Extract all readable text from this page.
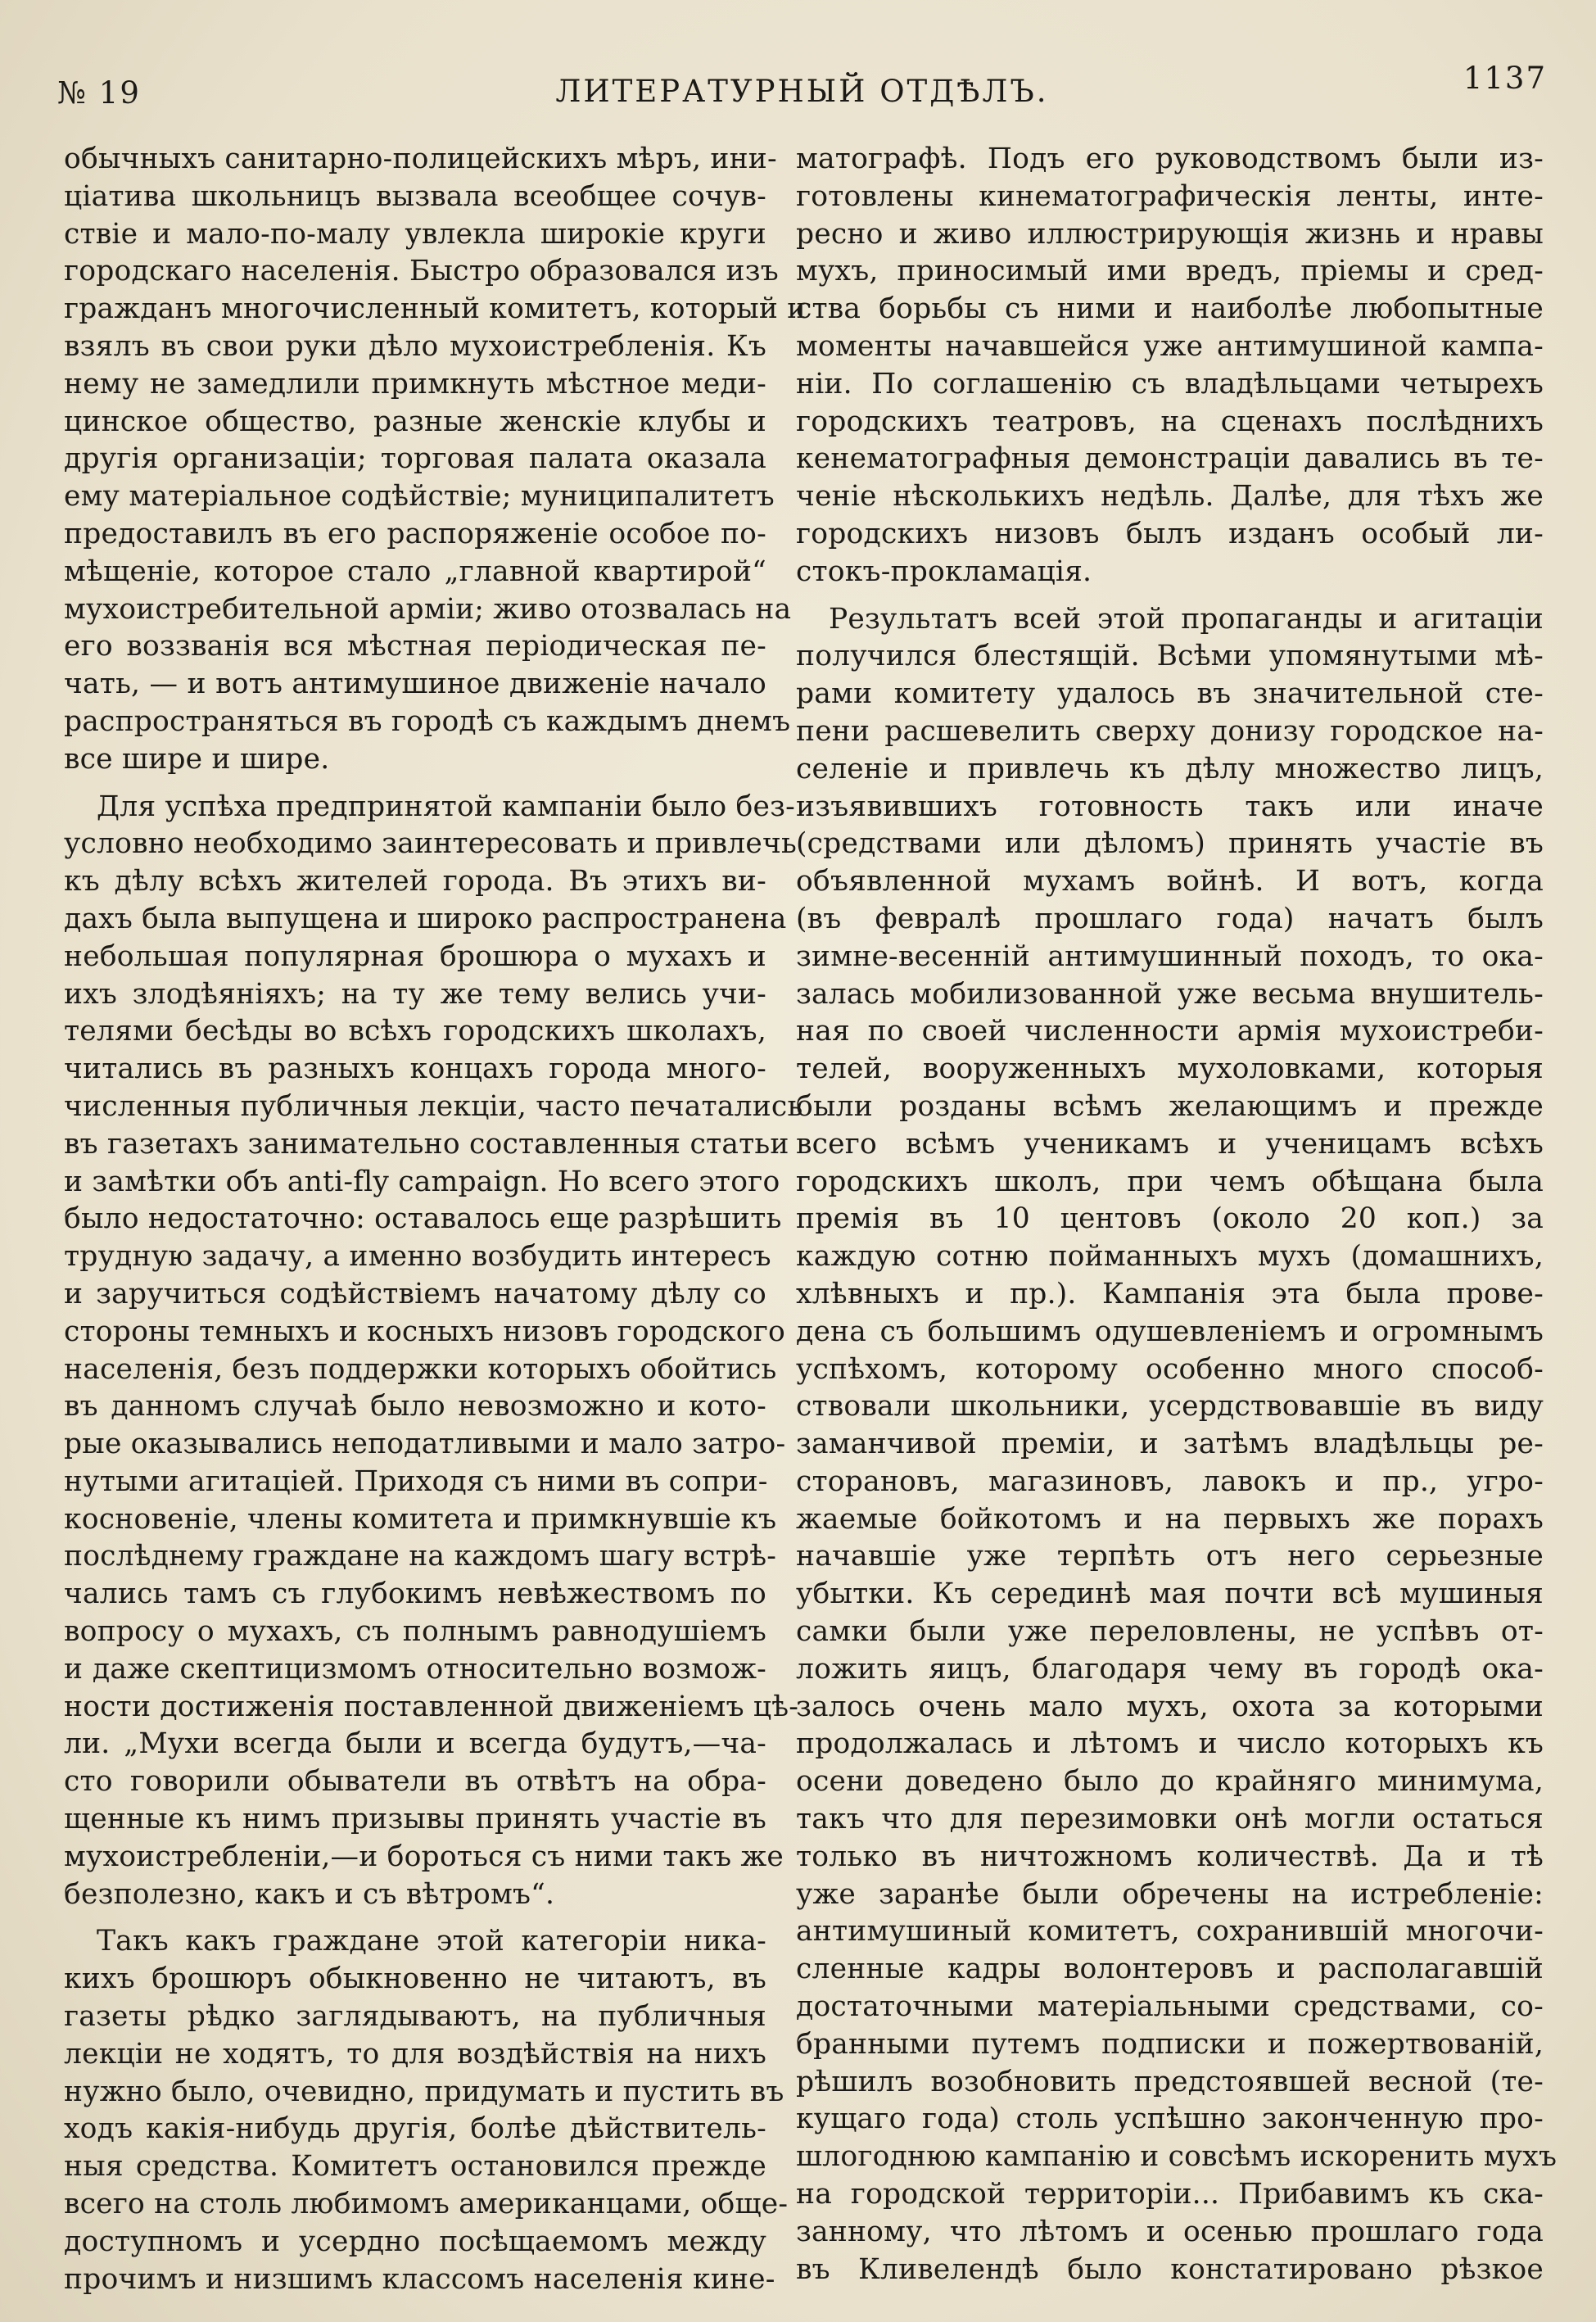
№ 19	ЛИТЕРАТУРНЫЙ ОТДѢЛЪ.	1137
обычныхъ санитарно-полицейскихъ мѣръ, ини-
ціатива школьницъ вызвала всеобщее сочув-
ствіе и мало-по-малу увлекла широкіе круги
городскаго населенія. Быстро образовался изъ
гражданъ многочисленный комитетъ, который и
взялъ въ свои руки дѣло мухоистребленія. Къ
нему не замедлили примкнуть мѣстное меди-
цинское общество, разные женскіе клубы и
другія организаціи; торговая палата оказала
ему матеріальное содѣйствіе; муниципалитетъ
предоставилъ въ его распоряженіе особое по-
мѣщеніе, которое стало „главной квартирой“
мухоистребительной арміи; живо отозвалась на
его воззванія вся мѣстная періодическая пе-
чать, — и вотъ антимушиное движеніе начало
распространяться въ городѣ съ каждымъ днемъ
все шире и шире.
Для успѣха предпринятой кампаніи было без-
условно необходимо заинтересовать и привлечь
къ дѣлу всѣхъ жителей города. Въ этихъ ви-
дахъ была выпущена и широко распространена
небольшая популярная брошюра о мухахъ и
ихъ злодѣяніяхъ; на ту же тему велись учи-
телями бесѣды во всѣхъ городскихъ школахъ,
читались въ разныхъ концахъ города много-
численныя публичныя лекціи, часто печатались
въ газетахъ занимательно составленныя статьи
и замѣтки объ anti-fly campaign. Но всего этого
было недостаточно: оставалось еще разрѣшить
трудную задачу, а именно возбудить интересъ
и заручиться содѣйствіемъ начатому дѣлу со
стороны темныхъ и косныхъ низовъ городского
населенія, безъ поддержки которыхъ обойтись
въ данномъ случаѣ было невозможно и кото-
рые оказывались неподатливыми и мало затро-
нутыми агитаціей. Приходя съ ними въ сопри-
косновеніе, члены комитета и примкнувшіе къ
послѣднему граждане на каждомъ шагу встрѣ-
чались тамъ съ глубокимъ невѣжествомъ по
вопросу о мухахъ, съ полнымъ равнодушіемъ
и даже скептицизмомъ относительно возмож-
ности достиженія поставленной движеніемъ цѣ-
ли. „Мухи всегда были и всегда будутъ,—ча-
сто говорили обыватели въ отвѣтъ на обра-
щенные къ нимъ призывы принять участіе въ
мухоистребленіи,—и бороться съ ними такъ же
безполезно, какъ и съ вѣтромъ“.
Такъ какъ граждане этой категоріи ника-
кихъ брошюръ обыкновенно не читаютъ, въ
газеты рѣдко заглядываютъ, на публичныя
лекціи не ходятъ, то для воздѣйствія на нихъ
нужно было, очевидно, придумать и пустить въ
ходъ какія-нибудь другія, болѣе дѣйствитель-
ныя средства. Комитетъ остановился прежде
всего на столь любимомъ американцами, обще-
доступномъ и усердно посѣщаемомъ между
прочимъ и низшимъ классомъ населенія кине-
матографѣ. Подъ его руководствомъ были из-
готовлены кинематографическія ленты, инте-
ресно и живо иллюстрирующія жизнь и нравы
мухъ, приносимый ими вредъ, пріемы и сред-
ства борьбы съ ними и наиболѣе любопытные
моменты начавшейся уже антимушиной кампа-
ніи. По соглашенію съ владѣльцами четырехъ
городскихъ театровъ, на сценахъ послѣднихъ
кенематографныя демонстраціи давались въ те-
ченіе нѣсколькихъ недѣль. Далѣе, для тѣхъ же
городскихъ низовъ былъ изданъ особый ли-
стокъ-прокламація.
Результатъ всей этой пропаганды и агитаціи
получился блестящій. Всѣми упомянутыми мѣ-
рами комитету удалось въ значительной сте-
пени расшевелить сверху донизу городское на-
селеніе и привлечь къ дѣлу множество лицъ,
изъявившихъ готовность такъ или иначе
(средствами или дѣломъ) принять участіе въ
объявленной мухамъ войнѣ. И вотъ, когда
(въ февралѣ прошлаго года) начатъ былъ
зимне-весенній антимушинный походъ, то ока-
залась мобилизованной уже весьма внушитель-
ная по своей численности армія мухоистреби-
телей, вооруженныхъ мухоловками, которыя
были розданы всѣмъ желающимъ и прежде
всего всѣмъ ученикамъ и ученицамъ всѣхъ
городскихъ школъ, при чемъ обѣщана была
премія въ 10 центовъ (около 20 коп.) за
каждую сотню пойманныхъ мухъ (домашнихъ,
хлѣвныхъ и пр.). Кампанія эта была прове-
дена съ большимъ одушевленіемъ и огромнымъ
успѣхомъ, которому особенно много способ-
ствовали школьники, усердствовавшіе въ виду
заманчивой преміи, и затѣмъ владѣльцы ре-
сторановъ, магазиновъ, лавокъ и пр., угро-
жаемые бойкотомъ и на первыхъ же порахъ
начавшіе уже терпѣть отъ него серьезные
убытки. Къ серединѣ мая почти всѣ мушиныя
самки были уже переловлены, не успѣвъ от-
ложить яицъ, благодаря чему въ городѣ ока-
залось очень мало мухъ, охота за которыми
продолжалась и лѣтомъ и число которыхъ къ
осени доведено было до крайняго минимума,
такъ что для перезимовки онѣ могли остаться
только въ ничтожномъ количествѣ. Да и тѣ
уже заранѣе были обречены на истребленіе:
антимушиный комитетъ, сохранившій многочи-
сленные кадры волонтеровъ и располагавшій
достаточными матеріальными средствами, со-
бранными путемъ подписки и пожертвованій,
рѣшилъ возобновить предстоявшей весной (те-
кущаго года) столь успѣшно законченную про-
шлогоднюю кампанію и совсѣмъ искоренить мухъ
на городской территоріи... Прибавимъ къ ска-
занному, что лѣтомъ и осенью прошлаго года
въ Кливелендѣ было констатировано рѣзкое
